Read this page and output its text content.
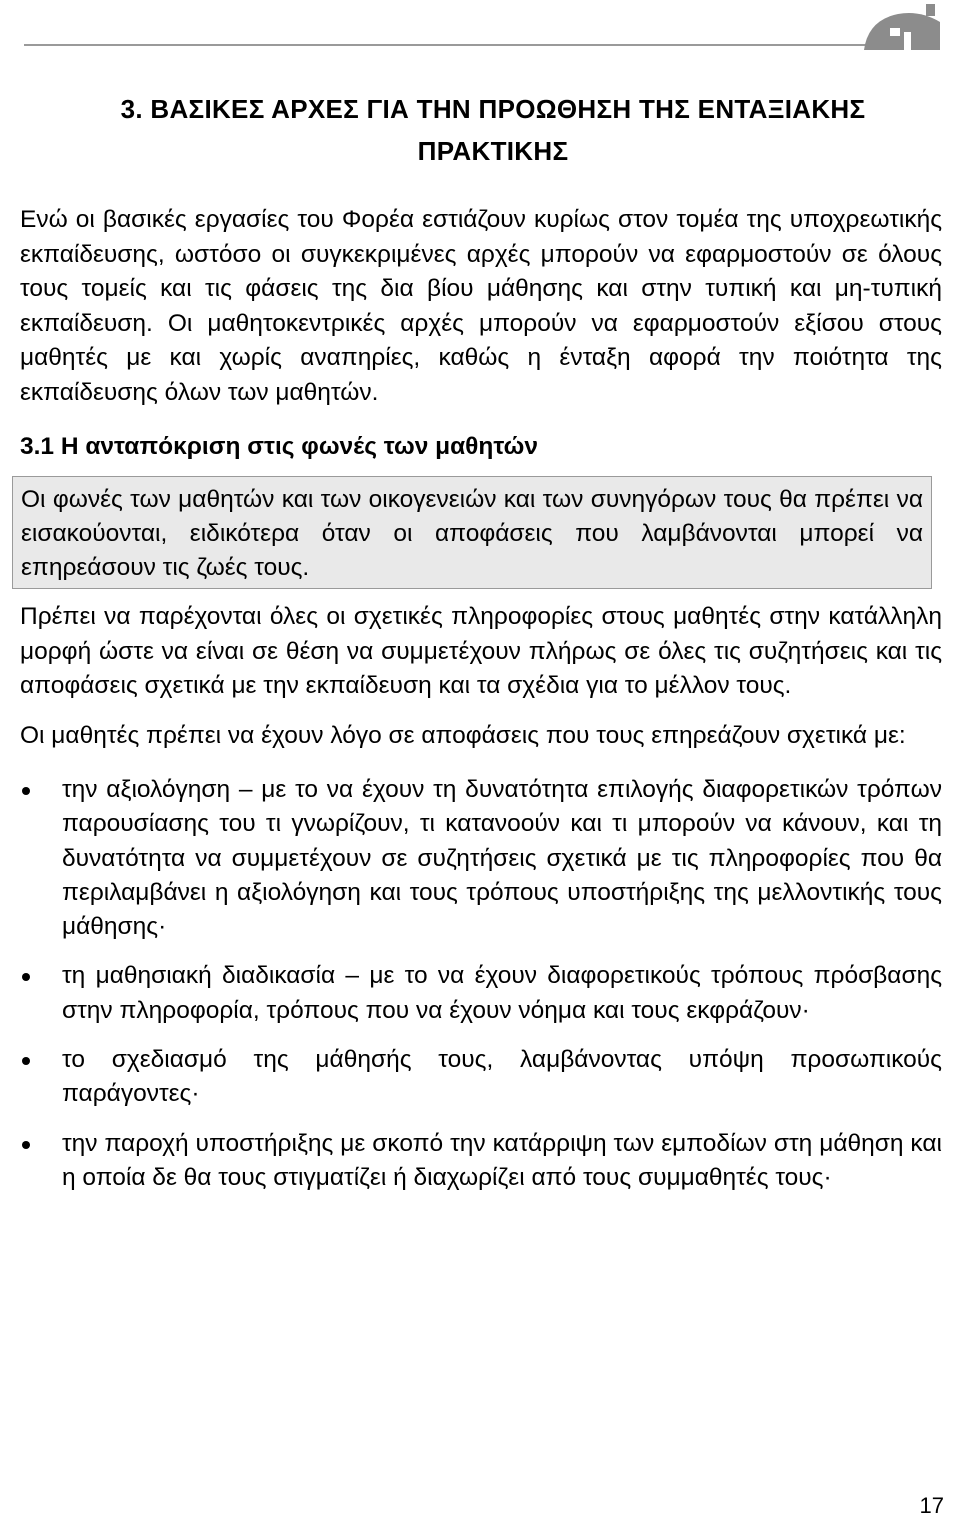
3. ΒΑΣΙΚΕΣ ΑΡΧΕΣ ΓΙΑ ΤΗΝ ΠΡΟΩΘΗΣΗ ΤΗΣ ΕΝΤΑΞΙΑΚΗΣ ΠΡΑΚΤΙΚΗΣ

Ενώ οι βασικές εργασίες του Φορέα εστιάζουν κυρίως στον τομέα της υποχρεωτικής εκπαίδευσης, ωστόσο οι συγκεκριμένες αρχές μπορούν να εφαρμοστούν σε όλους τους τομείς και τις φάσεις της δια βίου μάθησης και στην τυπική και μη-τυπική εκπαίδευση. Οι μαθητοκεντρικές αρχές μπορούν να εφαρμοστούν εξίσου στους μαθητές με και χωρίς αναπηρίες, καθώς η ένταξη αφορά την ποιότητα της εκπαίδευσης όλων των μαθητών.

3.1 Η ανταπόκριση στις φωνές των μαθητών

Οι φωνές των μαθητών και των οικογενειών και των συνηγόρων τους θα πρέπει να εισακούονται, ειδικότερα όταν οι αποφάσεις που λαμβάνονται μπορεί να επηρεάσουν τις ζωές τους.

Πρέπει να παρέχονται όλες οι σχετικές πληροφορίες στους μαθητές στην κατάλληλη μορφή ώστε να είναι σε θέση να συμμετέχουν πλήρως σε όλες τις συζητήσεις και τις αποφάσεις σχετικά με την εκπαίδευση και τα σχέδια για το μέλλον τους.

Οι μαθητές πρέπει να έχουν λόγο σε αποφάσεις που τους επηρεάζουν σχετικά με:

την αξιολόγηση – με το να έχουν τη δυνατότητα επιλογής διαφορετικών τρόπων παρουσίασης του τι γνωρίζουν, τι κατανοούν και τι μπορούν να κάνουν, και τη δυνατότητα να συμμετέχουν σε συζητήσεις σχετικά με τις πληροφορίες που θα περιλαμβάνει η αξιολόγηση και τους τρόπους υποστήριξης της μελλοντικής τους μάθησης·
τη μαθησιακή διαδικασία – με το να έχουν διαφορετικούς τρόπους πρόσβασης στην πληροφορία, τρόπους που να έχουν νόημα και τους εκφράζουν·
το σχεδιασμό της μάθησής τους, λαμβάνοντας υπόψη προσωπικούς παράγοντες·
την παροχή υποστήριξης με σκοπό την κατάρριψη των εμποδίων στη μάθηση και η οποία δε θα τους στιγματίζει ή διαχωρίζει από τους συμμαθητές τους·
17
